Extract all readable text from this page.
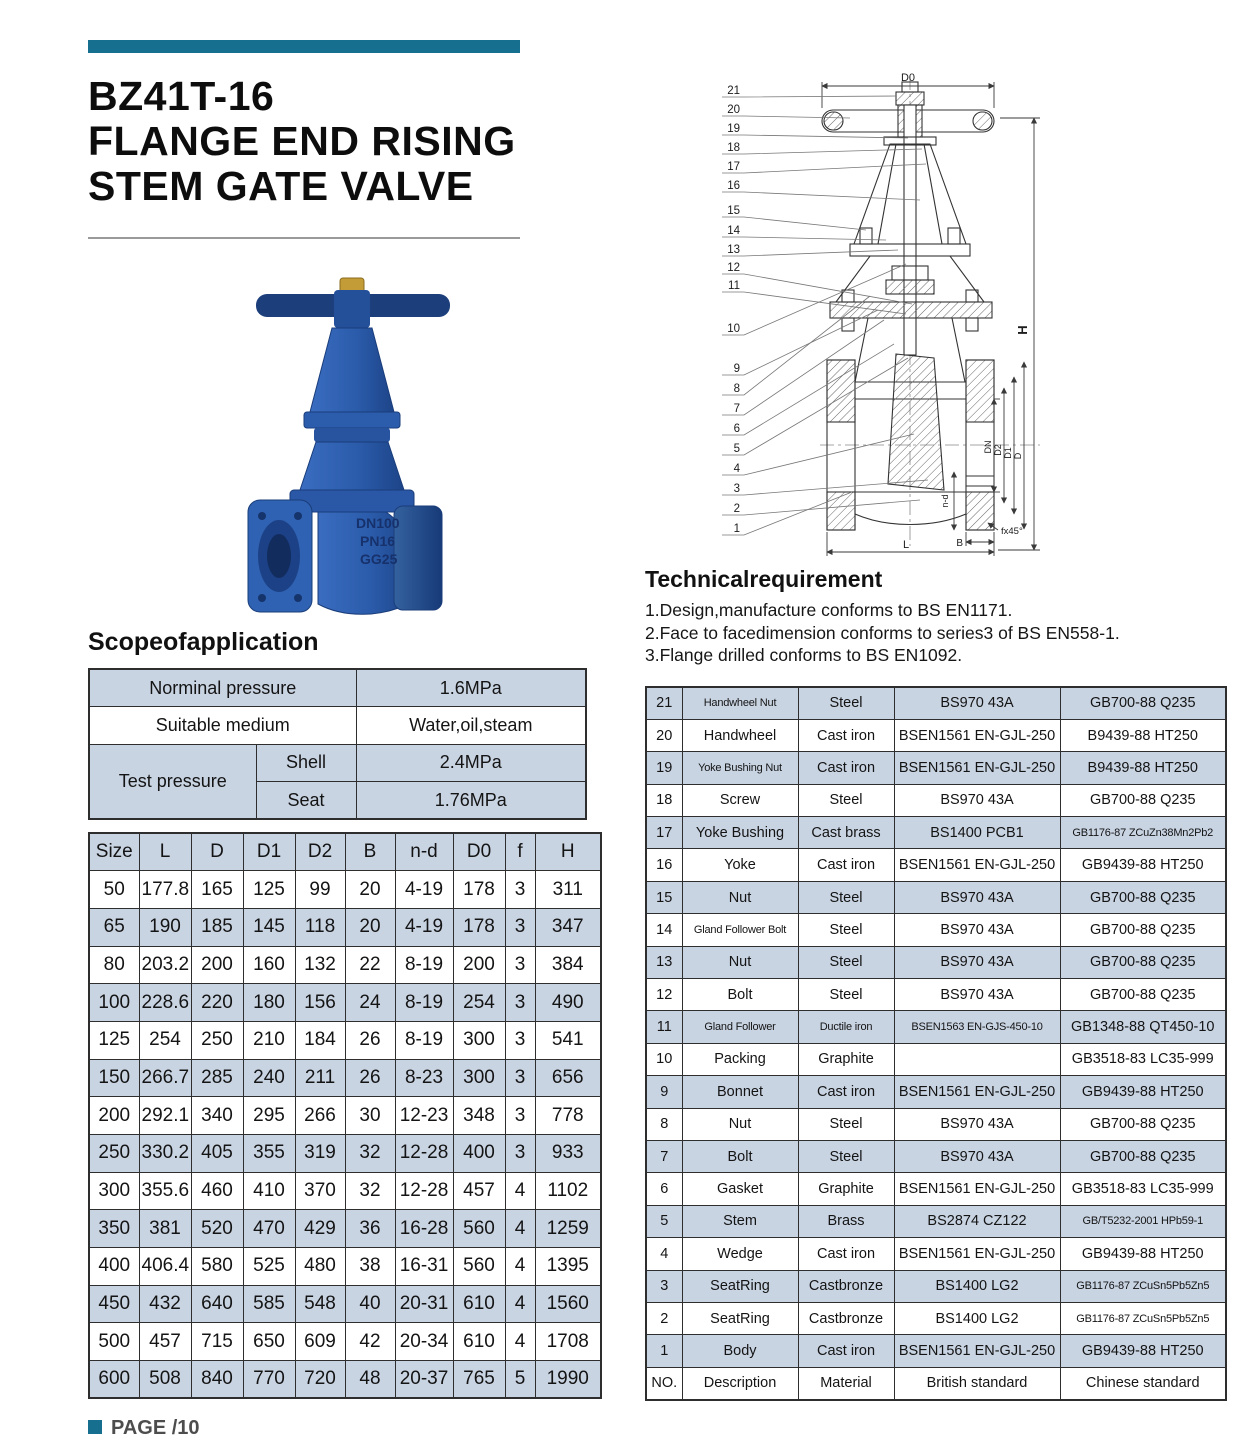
BZ41T-16
FLANGE END RISING
STEM GATE VALVE
DN100
PN16
GG25
Scopeofapplication
Norminal pressure		1.6MPa
Suitable medium		Water,oil,steam
Test pressure	Shell	2.4MPa
	Seat	1.76MPa
Size	L	D	D1	D2	B	n-d	D0	f	H
50	177.8	165	125	99	20	4-19	178	3	311
65	190	185	145	118	20	4-19	178	3	347
80	203.2	200	160	132	22	8-19	200	3	384
100	228.6	220	180	156	24	8-19	254	3	490
125	254	250	210	184	26	8-19	300	3	541
150	266.7	285	240	211	26	8-23	300	3	656
200	292.1	340	295	266	30	12-23	348	3	778
250	330.2	405	355	319	32	12-28	400	3	933
300	355.6	460	410	370	32	12-28	457	4	1102
350	381	520	470	429	36	16-28	560	4	1259
400	406.4	580	525	480	38	16-31	560	4	1395
450	432	640	585	548	40	20-31	610	4	1560
500	457	715	650	609	42	20-34	610	4	1708
600	508	840	770	720	48	20-37	765	5	1990
D0
H
DN D2 D1 D
n-d
L	B
fx45°
21
20
19
18
17
16
15
14
13
12
11
10
9
8
7
6
5
4
3
2
1
Technicalrequirement
1.Design,manufacture conforms to BS EN1171.
2.Face to facedimension conforms to series3 of BS EN558-1.
3.Flange drilled conforms to BS EN1092.
21	Handwheel Nut	Steel	BS970 43A	GB700-88 Q235
20	Handwheel	Cast iron	BSEN1561 EN-GJL-250	B9439-88 HT250
19	Yoke Bushing Nut	Cast iron	BSEN1561 EN-GJL-250	B9439-88 HT250
18	Screw	Steel	BS970 43A	GB700-88 Q235
17	Yoke Bushing	Cast brass	BS1400 PCB1	GB1176-87 ZCuZn38Mn2Pb2
16	Yoke	Cast iron	BSEN1561 EN-GJL-250	GB9439-88 HT250
15	Nut	Steel	BS970 43A	GB700-88 Q235
14	Gland Follower Bolt	Steel	BS970 43A	GB700-88 Q235
13	Nut	Steel	BS970 43A	GB700-88 Q235
12	Bolt	Steel	BS970 43A	GB700-88 Q235
11	Gland Follower	Ductile iron	BSEN1563 EN-GJS-450-10	GB1348-88 QT450-10
10	Packing	Graphite		GB3518-83 LC35-999
9	Bonnet	Cast iron	BSEN1561 EN-GJL-250	GB9439-88 HT250
8	Nut	Steel	BS970 43A	GB700-88 Q235
7	Bolt	Steel	BS970 43A	GB700-88 Q235
6	Gasket	Graphite	BSEN1561 EN-GJL-250	GB3518-83 LC35-999
5	Stem	Brass	BS2874 CZ122	GB/T5232-2001 HPb59-1
4	Wedge	Cast iron	BSEN1561 EN-GJL-250	GB9439-88 HT250
3	SeatRing	Castbronze	BS1400 LG2	GB1176-87 ZCuSn5Pb5Zn5
2	SeatRing	Castbronze	BS1400 LG2	GB1176-87 ZCuSn5Pb5Zn5
1	Body	Cast iron	BSEN1561 EN-GJL-250	GB9439-88 HT250
NO.	Description	Material	British standard	Chinese standard
PAGE /10
